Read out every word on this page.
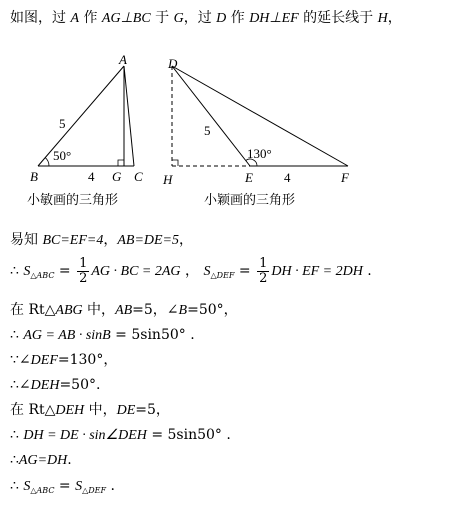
如图，过 A 作 AG⊥BC 于 G，过 D 作 DH⊥EF 的延长线于 H，
A
B	C
G
5
4
50°
小敏画的三角形
D
H	E	F
5
4
130°
小颖画的三角形
易知 BC=EF=4，AB=DE=5，
∴ $S_{\triangle ABC} = \frac{1}{2}$ AG · BC = 2AG ， $S_{\triangle DEF} = \frac{1}{2}$ DH · EF = 2DH .
在 Rt△ABG 中，AB=5，∠B=50°，
∴ AG = AB · sinB = 5sin50° .
∵∠DEF=130°，
∴∠DEH=50°.
在 Rt△DEH 中，DE=5，
∴ DH = DE · sin∠DEH = 5sin50° .
∴AG=DH.
∴ $S_{\triangle ABC} = S_{\triangle DEF}$ .
